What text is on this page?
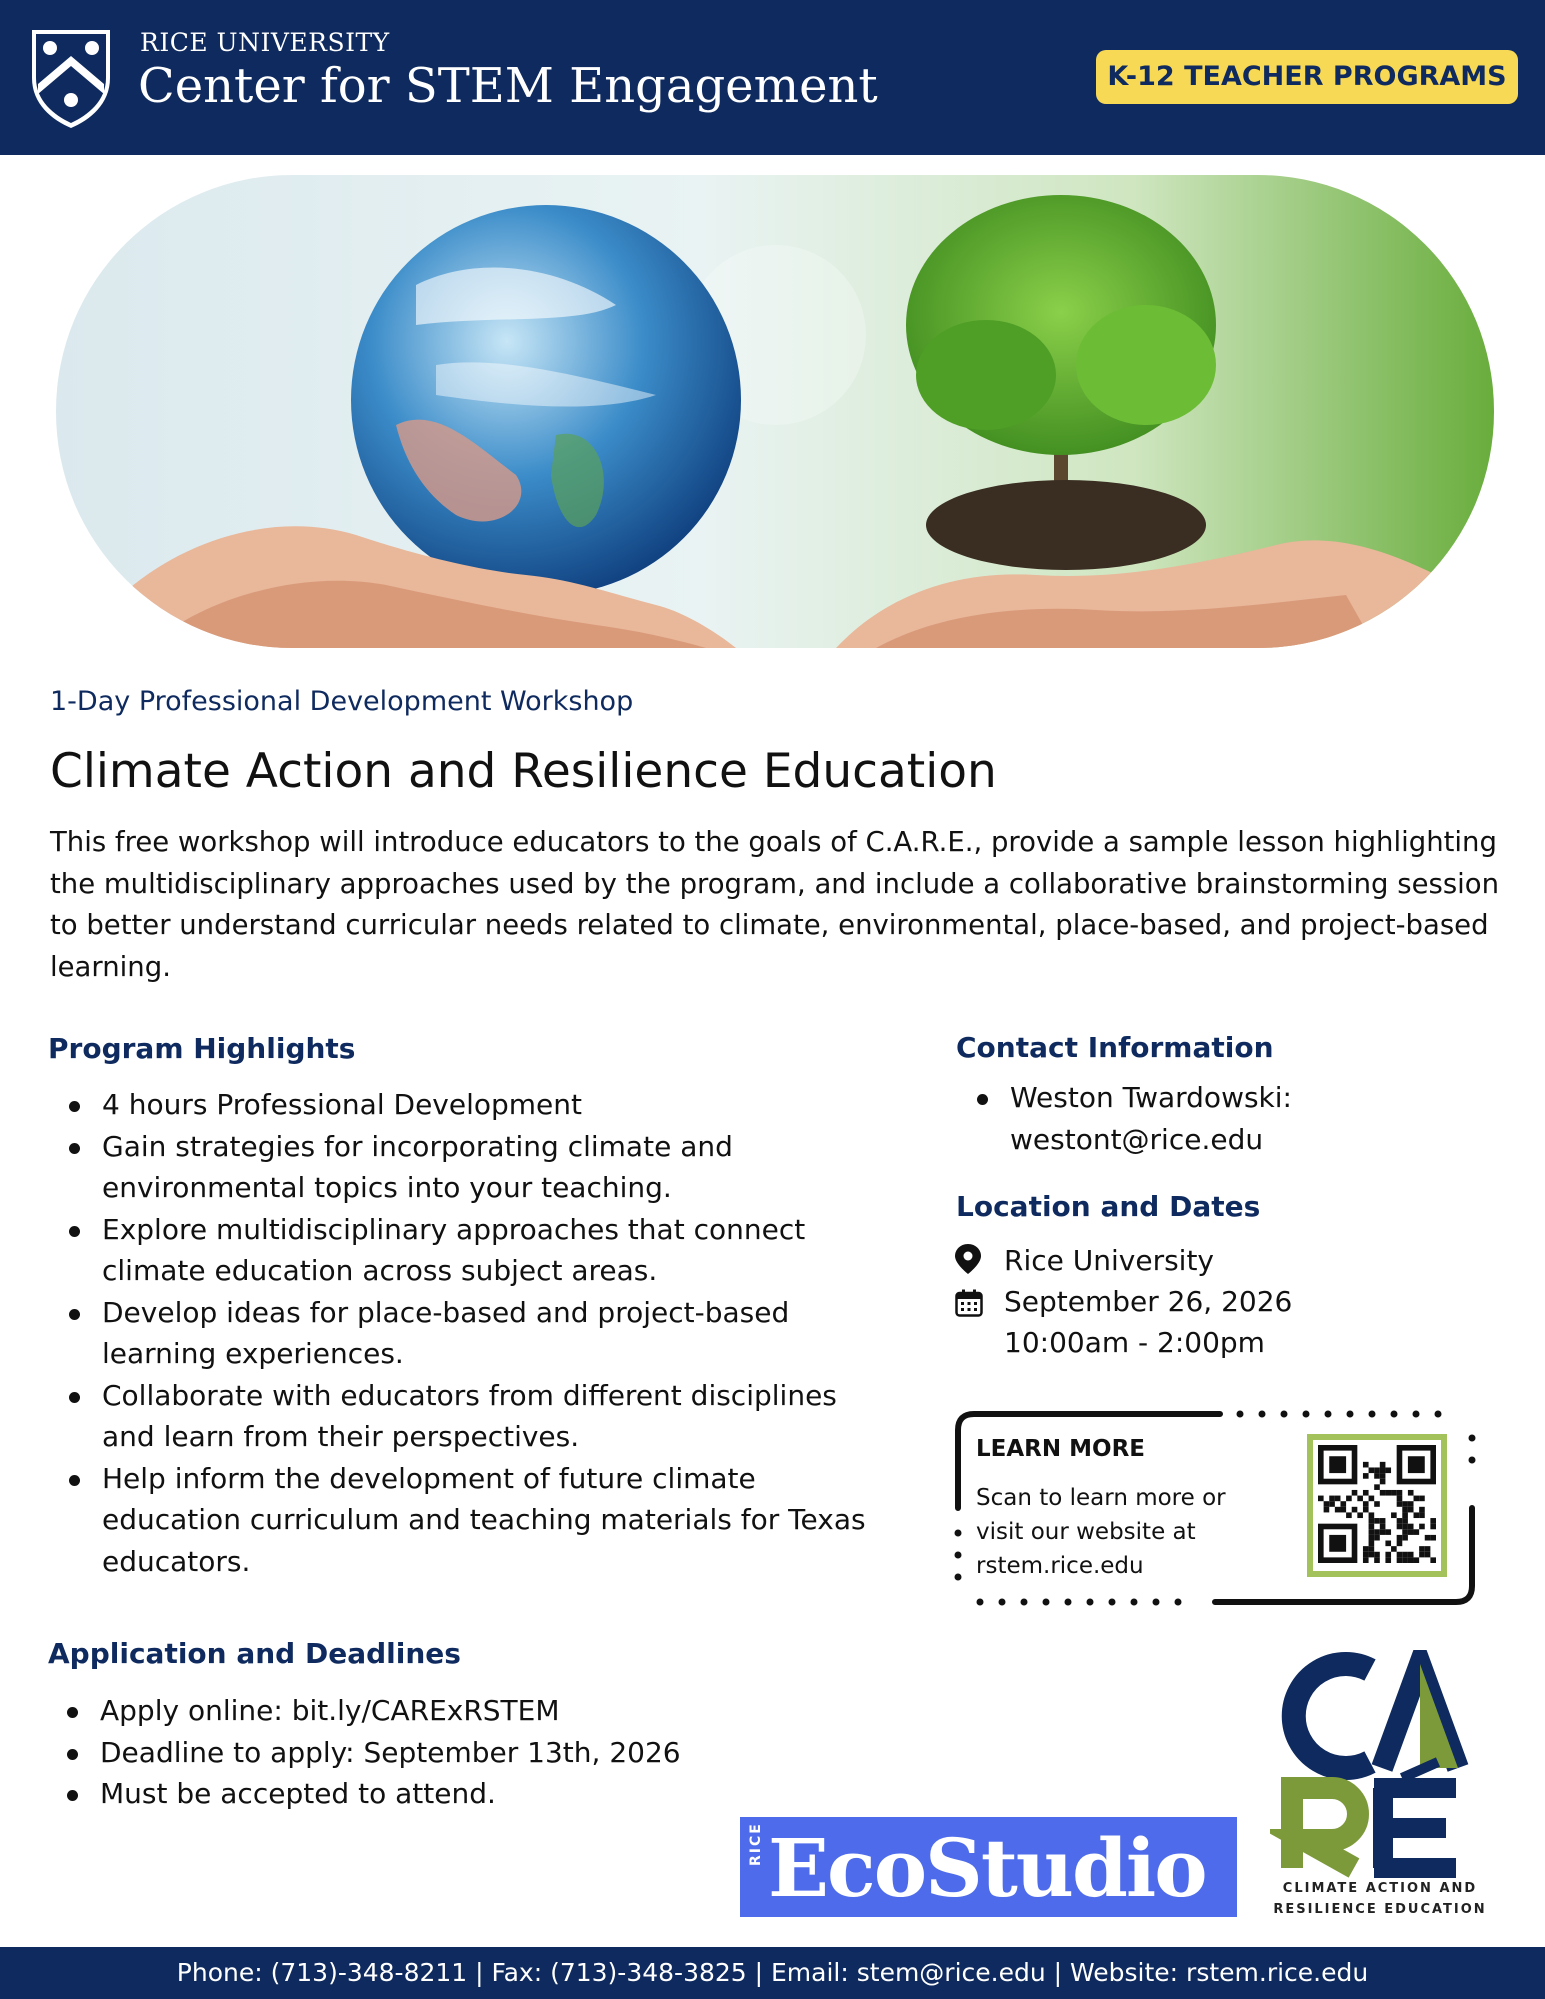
RICE UNIVERSITY
Center for STEM Engagement	K-12 TEACHER PROGRAMS
1-Day Professional Development Workshop
Climate Action and Resilience Education
This free workshop will introduce educators to the goals of C.A.R.E., provide a sample lesson highlighting the multidisciplinary approaches used by the program, and include a collaborative brainstorming session to better understand curricular needs related to climate, environmental, place-based, and project-based learning.
Program Highlights
4 hours Professional Development
Gain strategies for incorporating climate and environmental topics into your teaching.
Explore multidisciplinary approaches that connect climate education across subject areas.
Develop ideas for place-based and project-based learning experiences.
Collaborate with educators from different disciplines and learn from their perspectives.
Help inform the development of future climate education curriculum and teaching materials for Texas educators.
Application and Deadlines
Apply online: bit.ly/CARExRSTEM
Deadline to apply: September 13th, 2026
Must be accepted to attend.
Contact Information
Weston Twardowski:
westont@rice.edu
Location and Dates
Rice University
September 26, 2026
10:00am - 2:00pm
LEARN MORE
Scan to learn more or
visit our website at
rstem.rice.edu
RICE EcoStudio	CLIMATE ACTION AND
RESILIENCE EDUCATION
Phone: (713)-348-8211 | Fax: (713)-348-3825 | Email: stem@rice.edu | Website: rstem.rice.edu
